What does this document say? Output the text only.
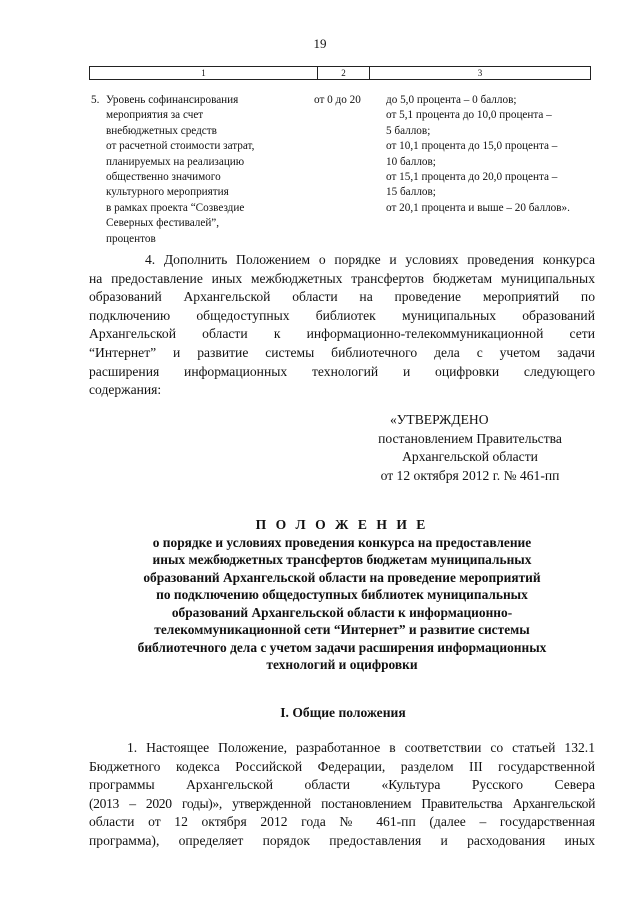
19
1	2	3
5. Уровень софинансирования
мероприятия за счет
внебюджетных средств
от расчетной стоимости затрат,
планируемых на реализацию
общественно значимого
культурного мероприятия
в рамках проекта “Созвездие
Северных фестивалей”,
процентов
от 0 до 20	до 5,0 процента – 0 баллов;
от 5,1 процента до 10,0 процента –
5 баллов;
от 10,1 процента до 15,0 процента –
10 баллов;
от 15,1 процента до 20,0 процента –
15 баллов;
от 20,1 процента и выше – 20 баллов».
4. Дополнить Положением о порядке и условиях проведения конкурса
на предоставление иных межбюджетных трансфертов бюджетам муниципальных
образований Архангельской области на проведение мероприятий по
подключению общедоступных библиотек муниципальных образований
Архангельской области к информационно-телекоммуникационной сети
“Интернет” и развитие системы библиотечного дела с учетом задачи
расширения информационных технологий и оцифровки следующего
содержания:
«УТВЕРЖДЕНО
постановлением Правительства
Архангельской области
от 12 октября 2012 г. № 461-пп
П О Л О Ж Е Н И Е
о порядке и условиях проведения конкурса на предоставление
иных межбюджетных трансфертов бюджетам муниципальных
образований Архангельской области на проведение мероприятий
по подключению общедоступных библиотек муниципальных
образований Архангельской области к информационно-
телекоммуникационной сети “Интернет” и развитие системы
библиотечного дела с учетом задачи расширения информационных
технологий и оцифровки
I. Общие положения
1. Настоящее Положение, разработанное в соответствии со статьей 132.1
Бюджетного кодекса Российской Федерации, разделом III государственной
программы Архангельской области «Культура Русского Севера
(2013 – 2020 годы)», утвержденной постановлением Правительства Архангельской
области от 12 октября 2012 года № 461-пп (далее – государственная
программа), определяет порядок предоставления и расходования иных
